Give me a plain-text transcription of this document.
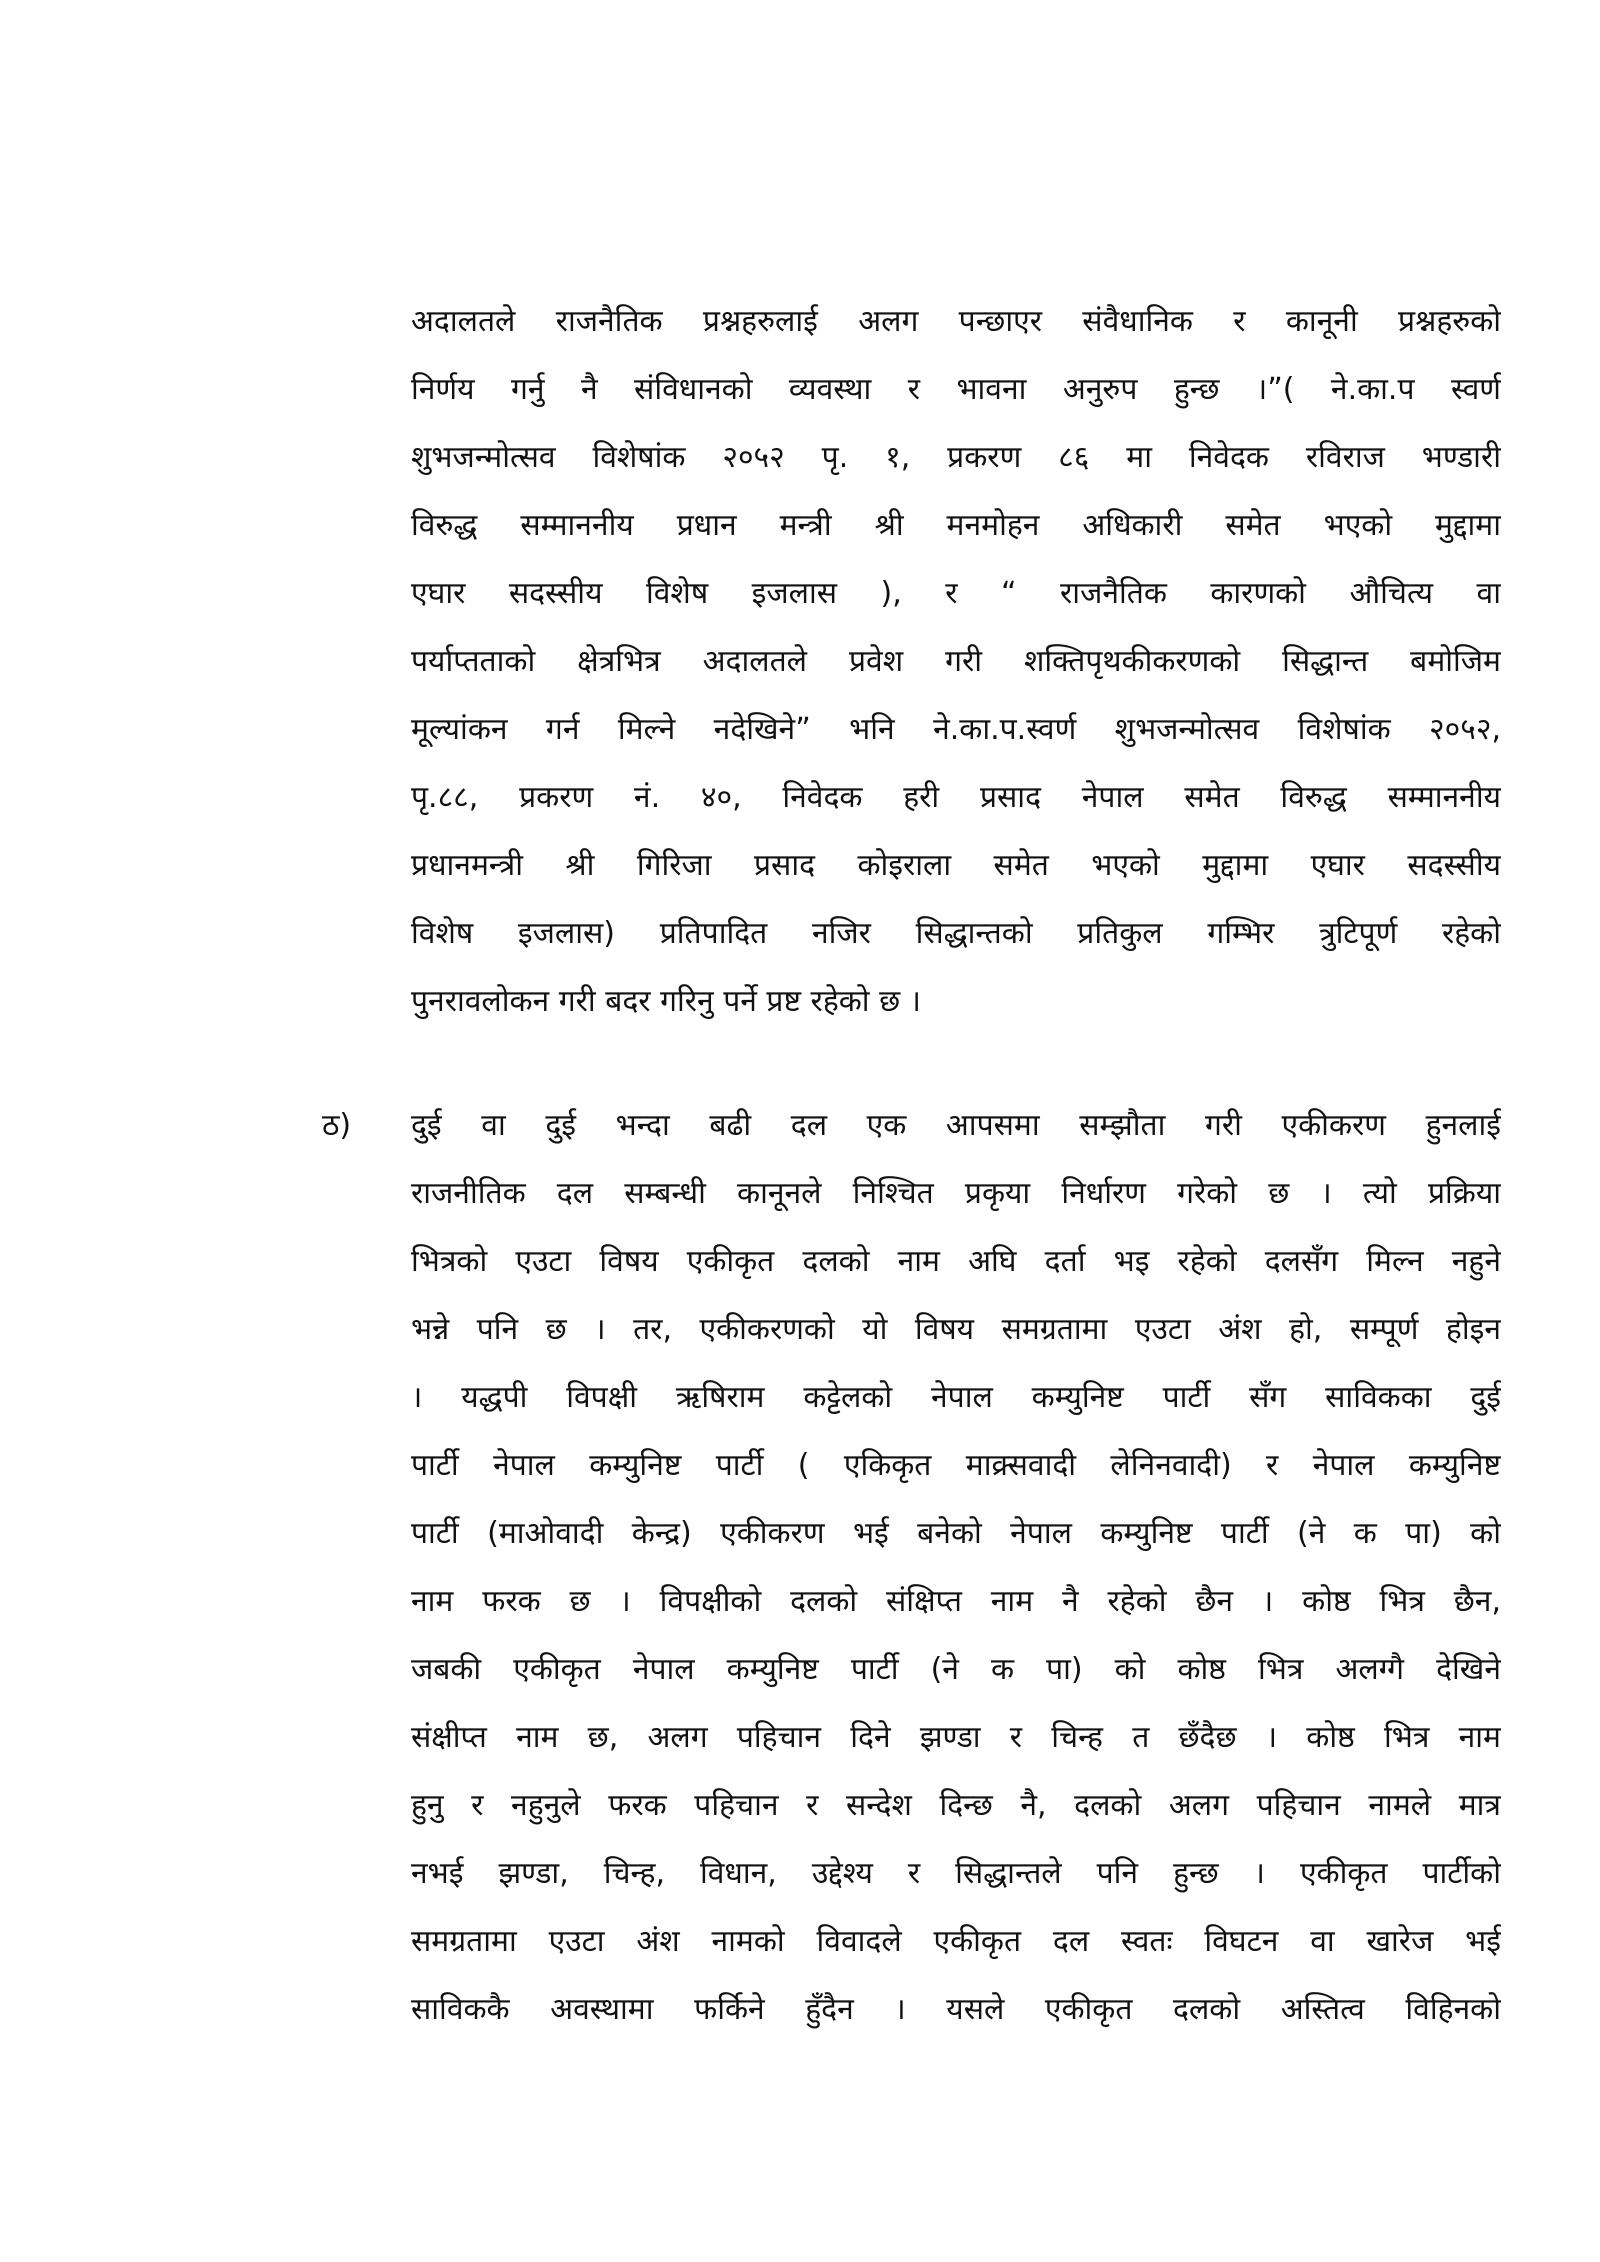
अदालतले राजनैतिक प्रश्नहरुलाई अलग पन्छाएर संवैधानिक र कानूनी प्रश्नहरुको
निर्णय गर्नु नै संविधानको व्यवस्था र भावना अनुरुप हुन्छ ।”( ने.का.प स्वर्ण
शुभजन्मोत्सव विशेषांक २०५२ पृ. १, प्रकरण ८६ मा निवेदक रविराज भण्डारी
विरुद्ध सम्माननीय प्रधान मन्त्री श्री मनमोहन अधिकारी समेत भएको मुद्दामा
एघार सदस्सीय विशेष इजलास ), र “ राजनैतिक कारणको औचित्य वा
पर्याप्तताको क्षेत्रभित्र अदालतले प्रवेश गरी शक्तिपृथकीकरणको सिद्धान्त बमोजिम
मूल्यांकन गर्न मिल्ने नदेखिने” भनि ने.का.प.स्वर्ण शुभजन्मोत्सव विशेषांक २०५२,
पृ.८८, प्रकरण नं. ४०, निवेदक हरी प्रसाद नेपाल समेत विरुद्ध सम्माननीय
प्रधानमन्त्री श्री गिरिजा प्रसाद कोइराला समेत भएको मुद्दामा एघार सदस्सीय
विशेष इजलास) प्रतिपादित नजिर सिद्धान्तको प्रतिकुल गम्भिर त्रुटिपूर्ण रहेको
पुनरावलोकन गरी बदर गरिनु पर्ने प्रष्ट रहेको छ ।
ठ) दुई वा दुई भन्दा बढी दल एक आपसमा सम्झौता गरी एकीकरण हुनलाई
राजनीतिक दल सम्बन्धी कानूनले निश्चित प्रकृया निर्धारण गरेको छ । त्यो प्रक्रिया
भित्रको एउटा विषय एकीकृत दलको नाम अघि दर्ता भइ रहेको दलसँग मिल्न नहुने
भन्ने पनि छ । तर, एकीकरणको यो विषय समग्रतामा एउटा अंश हो, सम्पूर्ण होइन
। यद्धपी विपक्षी ऋषिराम कट्टेलको नेपाल कम्युनिष्ट पार्टी सँग साविकका दुई
पार्टी नेपाल कम्युनिष्ट पार्टी ( एकिकृत माक्र्सवादी लेनिनवादी) र नेपाल कम्युनिष्ट
पार्टी (माओवादी केन्द्र) एकीकरण भई बनेको नेपाल कम्युनिष्ट पार्टी (ने क पा) को
नाम फरक छ । विपक्षीको दलको संक्षिप्त नाम नै रहेको छैन । कोष्ठ भित्र छैन,
जबकी एकीकृत नेपाल कम्युनिष्ट पार्टी (ने क पा) को कोष्ठ भित्र अलग्गै देखिने
संक्षीप्त नाम छ, अलग पहिचान दिने झण्डा र चिन्ह त छँदैछ । कोष्ठ भित्र नाम
हुनु र नहुनुले फरक पहिचान र सन्देश दिन्छ नै, दलको अलग पहिचान नामले मात्र
नभई झण्डा, चिन्ह, विधान, उद्देश्य र सिद्धान्तले पनि हुन्छ । एकीकृत पार्टीको
समग्रतामा एउटा अंश नामको विवादले एकीकृत दल स्वतः विघटन वा खारेज भई
साविककै अवस्थामा फर्किने हुँदैन । यसले एकीकृत दलको अस्तित्व विहिनको
